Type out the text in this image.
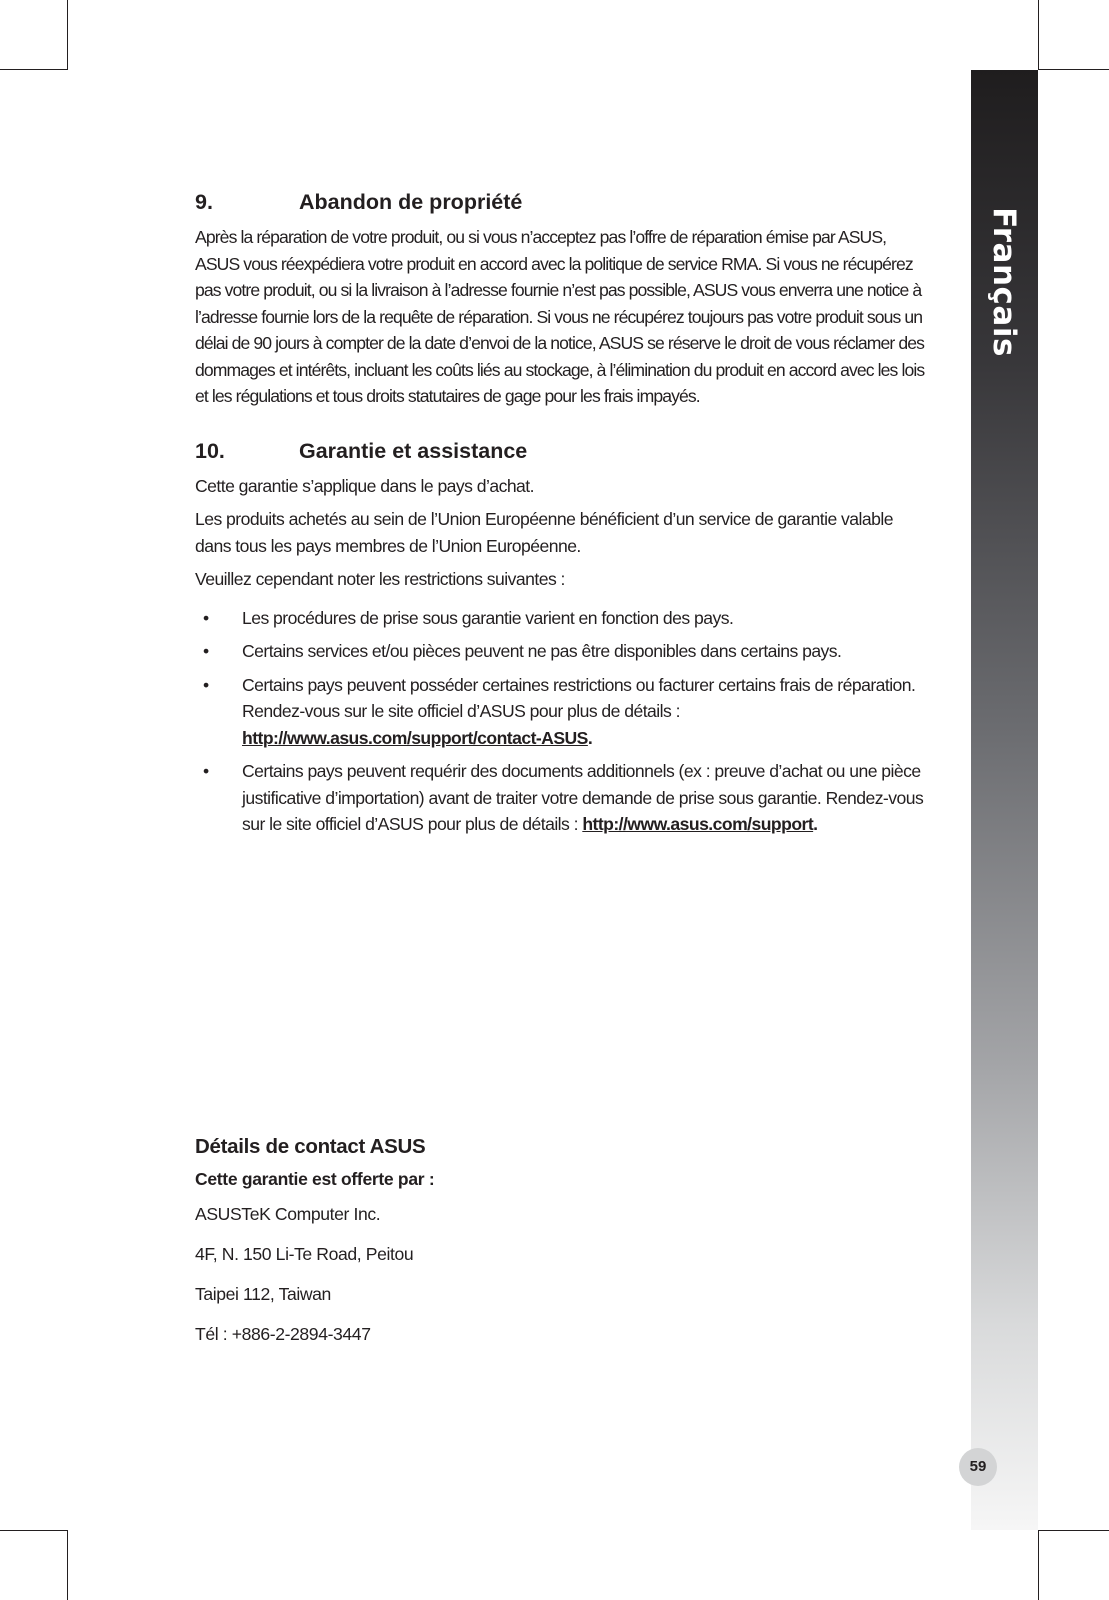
Français
9.	Abandon de propriété

Après la réparation de votre produit, ou si vous n’acceptez pas l’offre de réparation émise par ASUS, ASUS vous réexpédiera votre produit en accord avec la politique de service RMA. Si vous ne récupérez pas votre produit, ou si la livraison à l’adresse fournie n’est pas possible, ASUS vous enverra une notice à l’adresse fournie lors de la requête de réparation. Si vous ne récupérez toujours pas votre produit sous un délai de 90 jours à compter de la date d’envoi de la notice, ASUS se réserve le droit de vous réclamer des dommages et intérêts, incluant les coûts liés au stockage, à l’élimination du produit en accord avec les lois et les régulations et tous droits statutaires de gage pour les frais impayés.

10.	Garantie et assistance

Cette garantie s’applique dans le pays d’achat.

Les produits achetés au sein de l’Union Européenne bénéficient d’un service de garantie valable dans tous les pays membres de l’Union Européenne.

Veuillez cependant noter les restrictions suivantes :

• Les procédures de prise sous garantie varient en fonction des pays.
• Certains services et/ou pièces peuvent ne pas être disponibles dans certains pays.
• Certains pays peuvent posséder certaines restrictions ou facturer certains frais de réparation. Rendez-vous sur le site officiel d’ASUS pour plus de détails : http://www.asus.com/support/contact-ASUS.
• Certains pays peuvent requérir des documents additionnels (ex : preuve d’achat ou une pièce justificative d’importation) avant de traiter votre demande de prise sous garantie. Rendez-vous sur le site officiel d’ASUS pour plus de détails : http://www.asus.com/support.
Détails de contact ASUS
Cette garantie est offerte par :
ASUSTeK Computer Inc.
4F, N. 150 Li-Te Road, Peitou
Taipei 112, Taiwan
Tél : +886-2-2894-3447
59
